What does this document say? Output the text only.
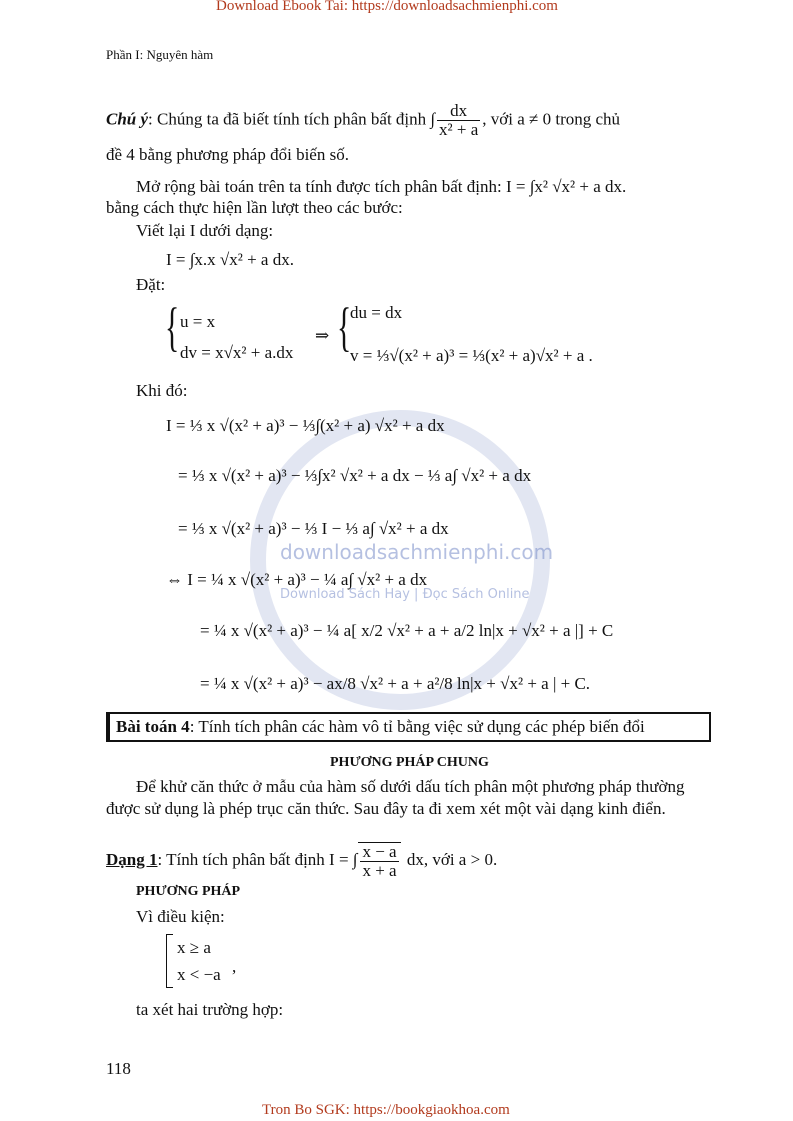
Download Ebook Tai: https://downloadsachmienphi.com
Phần I: Nguyên hàm
downloadsachmienphi.com
Download Sách Hay | Đọc Sách Online
Chú ý: Chúng ta đã biết tính tích phân bất định ∫ $\frac{dx}{\text{x² + a}}$ , với a ≠ 0 trong chủ
đề 4 bằng phương pháp đổi biến số.
Mở rộng bài toán trên ta tính được tích phân bất định: I = ∫x² √x² + a dx.
bằng cách thực hiện lần lượt theo các bước:
Viết lại I dưới dạng:
I = ∫x.x √x² + a dx.
Đặt:
{ u = x
dv = x√x² + a.dx
⇒ {
du = dx
v = ⅓√(x² + a)³ = ⅓(x² + a)√x² + a .
Khi đó:
I = ⅓ x √(x² + a)³ − ⅓∫(x² + a) √x² + a dx
= ⅓ x √(x² + a)³ − ⅓∫x² √x² + a dx − ⅓ a∫ √x² + a dx
= ⅓ x √(x² + a)³ − ⅓ I − ⅓ a∫ √x² + a dx
⇔ I = ¼ x √(x² + a)³ − ¼ a∫ √x² + a dx
= ¼ x √(x² + a)³ − ¼ a[ x/2 √x² + a + a/2 ln|x + √x² + a |] + C
= ¼ x √(x² + a)³ − ax/8 √x² + a + a²/8 ln|x + √x² + a | + C.
Bài toán 4: Tính tích phân các hàm vô tỉ bằng việc sử dụng các phép biến đổi
PHƯƠNG PHÁP CHUNG
Để khử căn thức ở mẫu của hàm số dưới dấu tích phân một phương pháp thường
được sử dụng là phép trục căn thức. Sau đây ta đi xem xét một vài dạng kinh điển.
Dạng 1: Tính tích phân bất định I = ∫ $\frac{x - a}{x + a}$ dx, với a > 0.
PHƯƠNG PHÁP
Vì điều kiện:
x ≥ a
x < −a ,
ta xét hai trường hợp:
118
Tron Bo SGK: https://bookgiaokhoa.com
